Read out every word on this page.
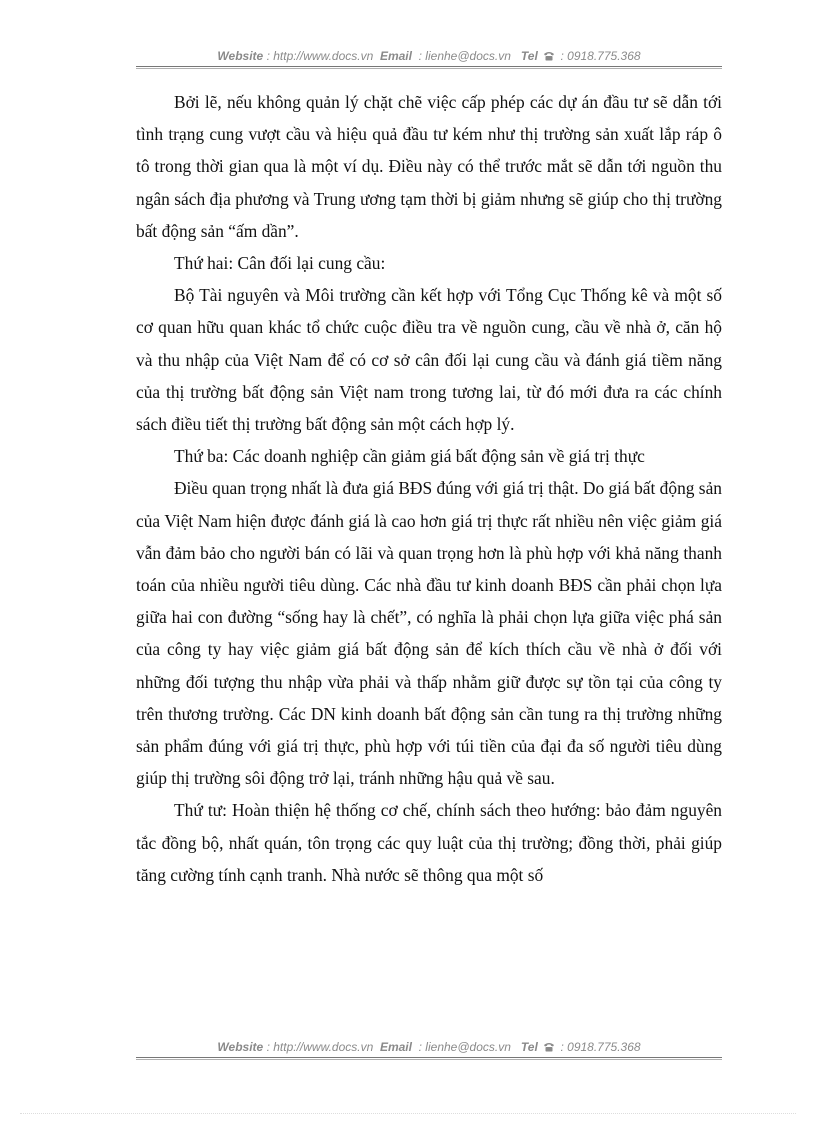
Website : http://www.docs.vn Email : lienhe@docs.vn Tel : 0918.775.368

Bởi lẽ, nếu không quản lý chặt chẽ việc cấp phép các dự án đầu tư sẽ dẫn tới tình trạng cung vượt cầu và hiệu quả đầu tư kém như thị trường sản xuất lắp ráp ô tô trong thời gian qua là một ví dụ. Điều này có thể trước mắt sẽ dẫn tới nguồn thu ngân sách địa phương và Trung ương tạm thời bị giảm nhưng sẽ giúp cho thị trường bất động sản “ấm dần”.

Thứ hai: Cân đối lại cung cầu:

Bộ Tài nguyên và Môi trường cần kết hợp với Tổng Cục Thống kê và một số cơ quan hữu quan khác tổ chức cuộc điều tra về nguồn cung, cầu về nhà ở, căn hộ và thu nhập của Việt Nam để có cơ sở cân đối lại cung cầu và đánh giá tiềm năng của thị trường bất động sản Việt nam trong tương lai, từ đó mới đưa ra các chính sách điều tiết thị trường bất động sản một cách hợp lý.

Thứ ba: Các doanh nghiệp cần giảm giá bất động sản về giá trị thực

Điều quan trọng nhất là đưa giá BĐS đúng với giá trị thật. Do giá bất động sản của Việt Nam hiện được đánh giá là cao hơn giá trị thực rất nhiều nên việc giảm giá vẫn đảm bảo cho người bán có lãi và quan trọng hơn là phù hợp với khả năng thanh toán của nhiều người tiêu dùng. Các nhà đầu tư kinh doanh BĐS cần phải chọn lựa giữa hai con đường “sống hay là chết”, có nghĩa là phải chọn lựa giữa việc phá sản của công ty hay việc giảm giá bất động sản để kích thích cầu về nhà ở đối với những đối tượng thu nhập vừa phải và thấp nhằm giữ được sự tồn tại của công ty trên thương trường. Các DN kinh doanh bất động sản cần tung ra thị trường những sản phẩm đúng với giá trị thực, phù hợp với túi tiền của đại đa số người tiêu dùng giúp thị trường sôi động trở lại, tránh những hậu quả về sau.

Thứ tư: Hoàn thiện hệ thống cơ chế, chính sách theo hướng: bảo đảm nguyên tắc đồng bộ, nhất quán, tôn trọng các quy luật của thị trường; đồng thời, phải giúp tăng cường tính cạnh tranh. Nhà nước sẽ thông qua một số

Website : http://www.docs.vn Email : lienhe@docs.vn Tel : 0918.775.368
